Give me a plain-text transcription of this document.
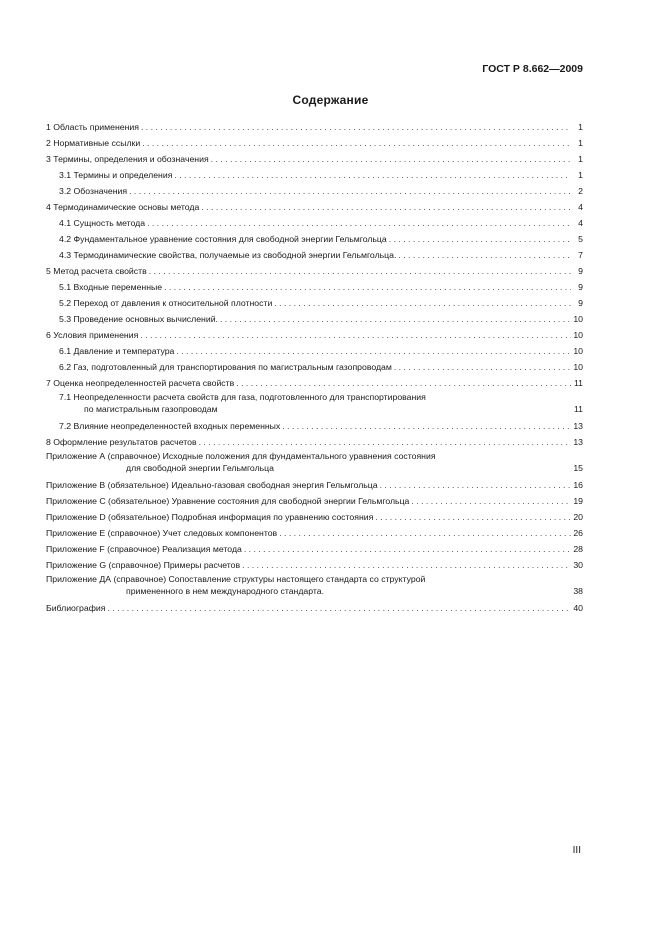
ГОСТ Р 8.662—2009
Содержание
1 Область применения . . .	1
2 Нормативные ссылки . . .	1
3 Термины, определения и обозначения . . .	1
3.1 Термины и определения . . .	1
3.2 Обозначения . . .	2
4 Термодинамические основы метода . . .	4
4.1 Сущность метода . . .	4
4.2 Фундаментальное уравнение состояния для свободной энергии Гельмгольца . . .	5
4.3 Термодинамические свойства, получаемые из свободной энергии Гельмгольца. . . .	7
5 Метод расчета свойств . . .	9
5.1 Входные переменные . . .	9
5.2 Переход от давления к относительной плотности . . .	9
5.3 Проведение основных вычислений. . . .	10
6 Условия применения . . .	10
6.1 Давление и температура . . .	10
6.2 Газ, подготовленный для транспортирования по магистральным газопроводам . . .	10
7 Оценка неопределенностей расчета свойств . . .	11
7.1 Неопределенности расчета свойств для газа, подготовленного для транспортирования
по магистральным газопроводам	11
7.2 Влияние неопределенностей входных переменных . . .	13
8 Оформление результатов расчетов . . .	13
Приложение А (справочное) Исходные положения для фундаментального уравнения состояния
для свободной энергии Гельмгольца	15
Приложение В (обязательное) Идеально-газовая свободная энергия Гельмгольца . . .	16
Приложение С (обязательное) Уравнение состояния для свободной энергии Гельмгольца . . .	19
Приложение D (обязательное) Подробная информация по уравнению состояния . . .	20
Приложение Е (справочное) Учет следовых компонентов . . .	26
Приложение F (справочное) Реализация метода . . .	28
Приложение G (справочное) Примеры расчетов . . .	30
Приложение ДА (справочное) Сопоставление структуры настоящего стандарта со структурой
примененного в нем международного стандарта.	38
Библиография . . .	40
III
